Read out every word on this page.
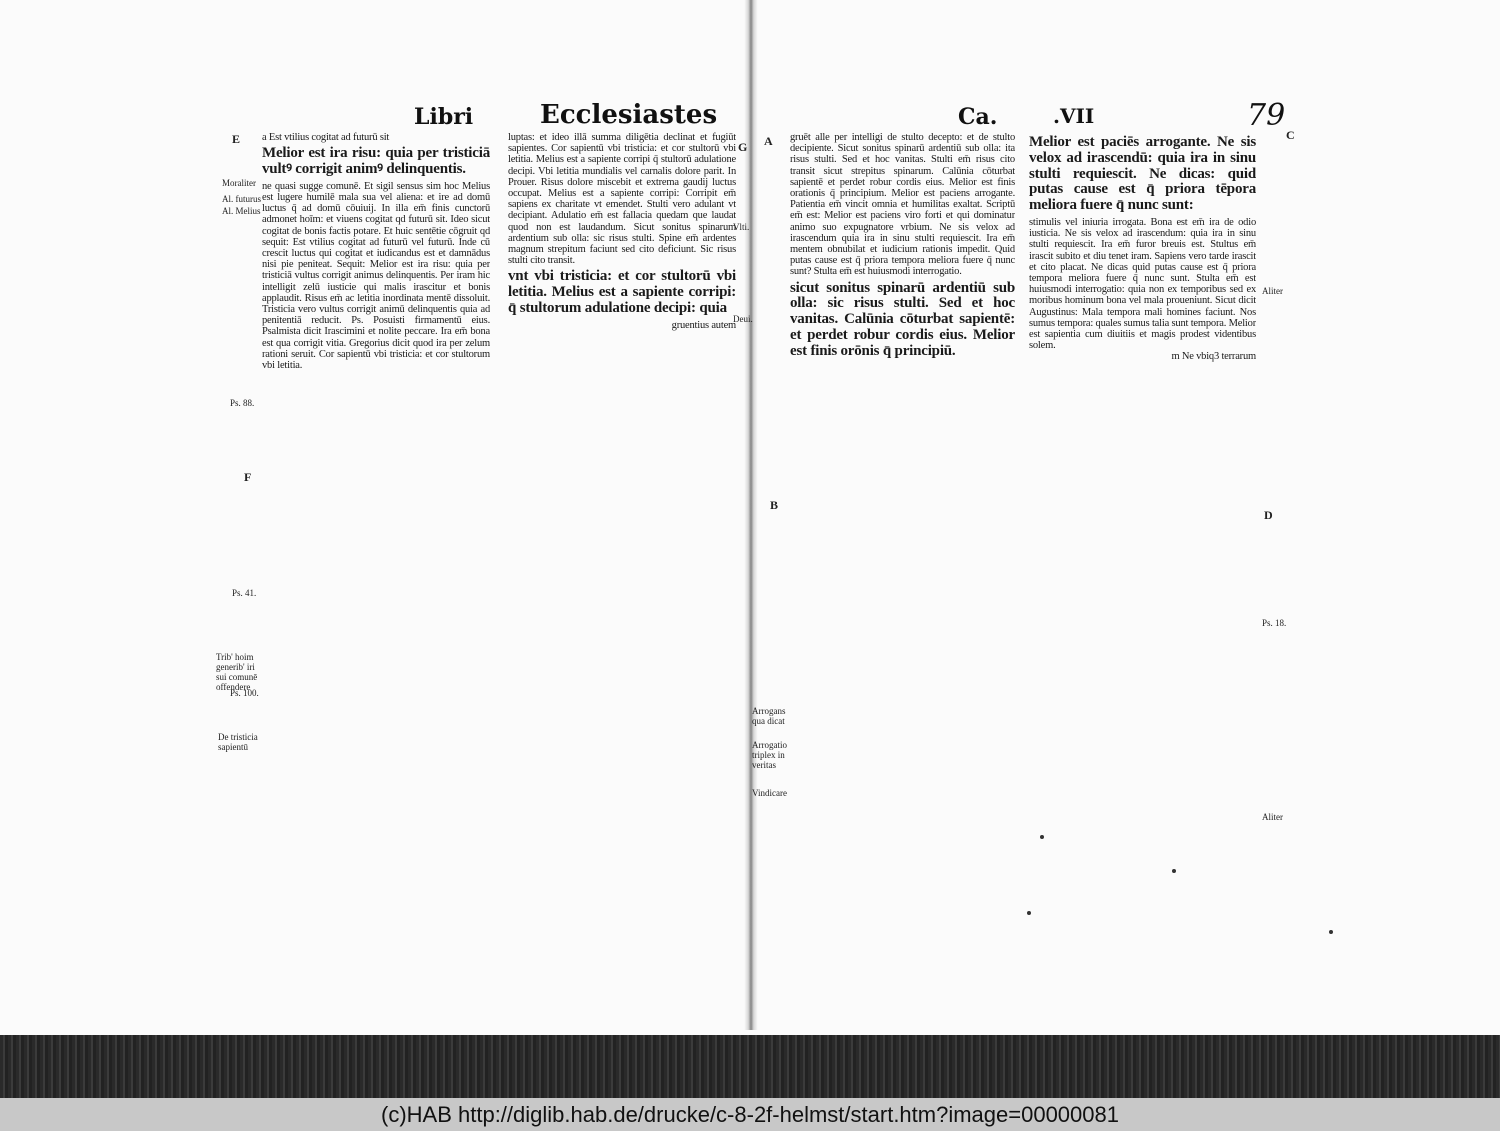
Libri	Ecclesiastes	Ca.	.VII	79

a Est vtilius cogitat ad futurū sit

Melior est ira risu: quia per tristiciā vultꝰ corrigit animꝰ delinquentis.

ne quasi sugge comunē. Et sigil sensus sim hoc Melius est lugere humilē mala sua vel aliena: et ire ad domū luctus q̄ ad domū cōuiuij. In illa em̄ finis cunctorū admonet hoīm: et viuens cogitat qd futurū sit. Ideo sicut cogitat de bonis factis potare. Et huic sentētie cōgruit qd sequit: Est vtilius cogitat ad futurū vel futurū. Inde cū crescit luctus qui cogitat et iudicandus est et damnādus nisi pie peniteat. Sequit: Melior est ira risu: quia per tristiciā vultus corrigit animus delinquentis. Per iram hic intelligit zelū iusticie qui malis irascitur et bonis applaudit. Risus em̄ ac letitia inordinata mentē dissoluit. Tristicia vero vultus corrigit animū delinquentis quia ad penitentiā reducit. Ps. Posuisti firmamentū eius. Psalmista dicit Irascimini et nolite peccare. Ira em̄ bona est qua corrigit vitia. Gregorius dicit quod ira per zelum rationi seruit. Cor sapientū vbi tristicia: et cor stultorum vbi letitia.

luptas: et ideo illā summa diligētia declinat et fugiūt sapientes. Cor sapientū vbi tristicia: et cor stultorū vbi letitia. Melius est a sapiente corripi q̄ stultorū adulatione decipi. Vbi letitia mundialis vel carnalis dolore parit. In Prouer. Risus dolore miscebit et extrema gaudij luctus occupat. Melius est a sapiente corripi: Corripit em̄ sapiens ex charitate vt emendet. Stulti vero adulant vt decipiant. Adulatio em̄ est fallacia quedam que laudat quod non est laudandum. Sicut sonitus spinarum ardentium sub olla: sic risus stulti. Spine em̄ ardentes magnum strepitum faciunt sed cito deficiunt. Sic risus stulti cito transit.

vnt vbi tristicia: et cor stultorū vbi letitia. Melius est a sapiente corripi: q̄ stultorum adulatione decipi: quia

gruentius autem

gruēt alle per intelligi de stulto decepto: et de stulto decipiente. Sicut sonitus spinarū ardentiū sub olla: ita risus stulti. Sed et hoc vanitas. Stulti em̄ risus cito transit sicut strepitus spinarum. Calūnia cōturbat sapientē et perdet robur cordis eius. Melior est finis orationis q̄ principium. Melior est paciens arrogante. Patientia em̄ vincit omnia et humilitas exaltat. Scriptū em̄ est: Melior est paciens viro forti et qui dominatur animo suo expugnatore vrbium. Ne sis velox ad irascendum quia ira in sinu stulti requiescit. Ira em̄ mentem obnubilat et iudicium rationis impedit. Quid putas cause est q̄ priora tempora meliora fuere q̄ nunc sunt? Stulta em̄ est huiusmodi interrogatio.

sicut sonitus spinarū ardentiū sub olla: sic risus stulti. Sed et hoc vanitas. Calūnia cōturbat sapientē: et perdet robur cordis eius. Melior est finis orōnis q̄ principiū.
Melior est paciēs arrogante. Ne sis velox ad irascendū: quia ira in sinu stulti requiescit. Ne dicas: quid putas cause est q̄ priora tēpora meliora fuere q̄ nunc sunt:

stimulis vel iniuria irrogata. Bona est em̄ ira de odio iusticia. Ne sis velox ad irascendum: quia ira in sinu stulti requiescit. Ira em̄ furor breuis est. Stultus em̄ irascit subito et diu tenet iram. Sapiens vero tarde irascit et cito placat. Ne dicas quid putas cause est q̄ priora tempora meliora fuere q̄ nunc sunt. Stulta em̄ est huiusmodi interrogatio: quia non ex temporibus sed ex moribus hominum bona vel mala proueniunt. Sicut dicit Augustinus: Mala tempora mali homines faciunt. Nos sumus tempora: quales sumus talia sunt tempora. Melior est sapientia cum diuitiis et magis prodest videntibus solem.

m Ne vbiq3 terrarum

Moraliter
Al. futurus
Al. Melius
Ps. 88.
Ps. 41.
Trib' hoim generib' iri sui comunē offendere
Ps. 100.
De tristicia sapientū
Deui.
Vlti.
Arrogans qua dicat
Arrogatio triplex in veritas
Vindicare
Aliter
Ps. 18.
Aliter
E
F
A
B
G
D
C
(c)HAB http://diglib.hab.de/drucke/c-8-2f-helmst/start.htm?image=00000081
